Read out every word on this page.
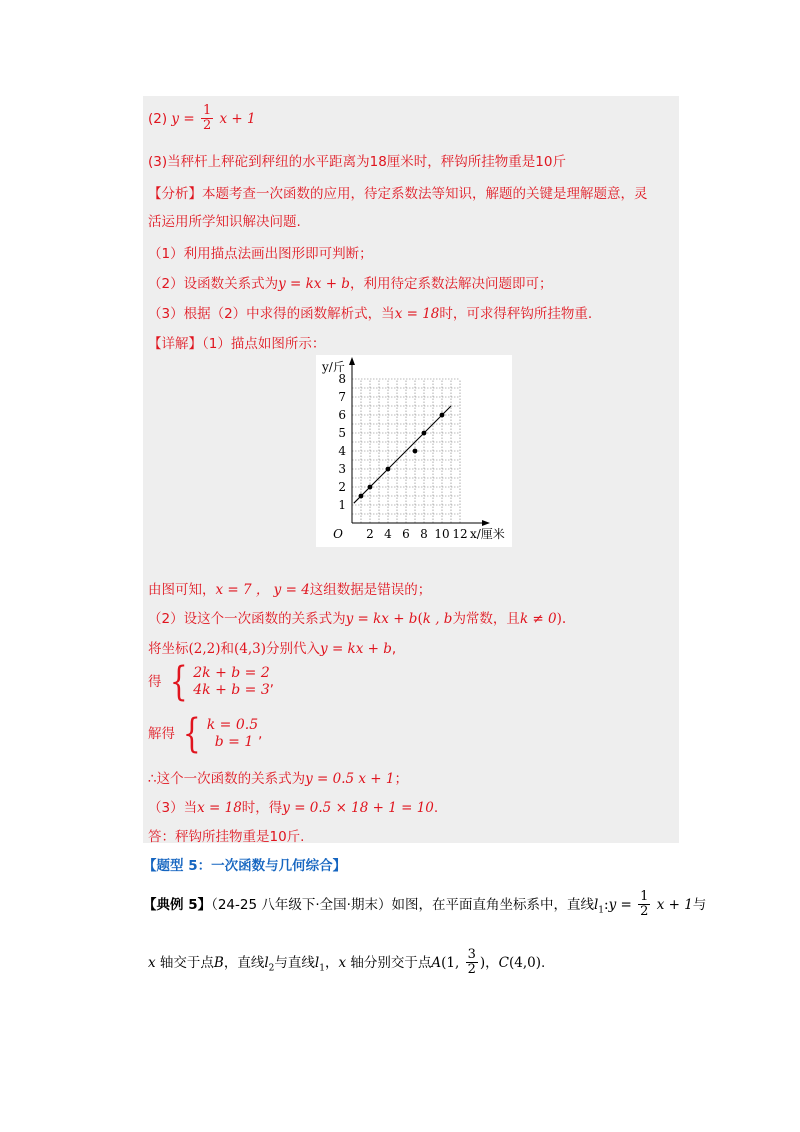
(2) $y = \frac{1}{2}$ x + 1
(3)当秤杆上秤砣到秤纽的水平距离为18厘米时，秤钩所挂物重是10斤
【分析】本题考查一次函数的应用，待定系数法等知识，解题的关键是理解题意，灵
活运用所学知识解决问题.
（1）利用描点法画出图形即可判断；
（2）设函数关系式为y = kx + b，利用待定系数法解决问题即可；
（3）根据（2）中求得的函数解析式，当x = 18时，可求得秤钩所挂物重.
【详解】（1）描点如图所示：
2 4 6 8 10 12
1
2
3
4
5
6
7
8
O	x/厘米
y/斤
由图可知，x = 7 ， y = 4这组数据是错误的；
（2）设这个一次函数的关系式为y = kx + b(k , b为常数，且k ≠ 0).
将坐标(2,2)和(4,3)分别代入y = kx + b,
得 { 2k + b = 2
4k + b = 3 ,
解得 { k = 0.5
b = 1 ,
∴这个一次函数的关系式为y = 0.5 x + 1；
（3）当x = 18时，得y = 0.5 × 18 + 1 = 10.
答：秤钩所挂物重是10斤.
【题型 5：一次函数与几何综合】
【典例 5】（24-25 八年级下·全国·期末）如图，在平面直角坐标系中，直线$l_1:y = \frac{1}{2}$ x + 1与
x 轴交于点B，直线$l_2$与直线$l_1$，x 轴分别交于点A(1, $\frac{3}{2}$ )，C(4,0).
